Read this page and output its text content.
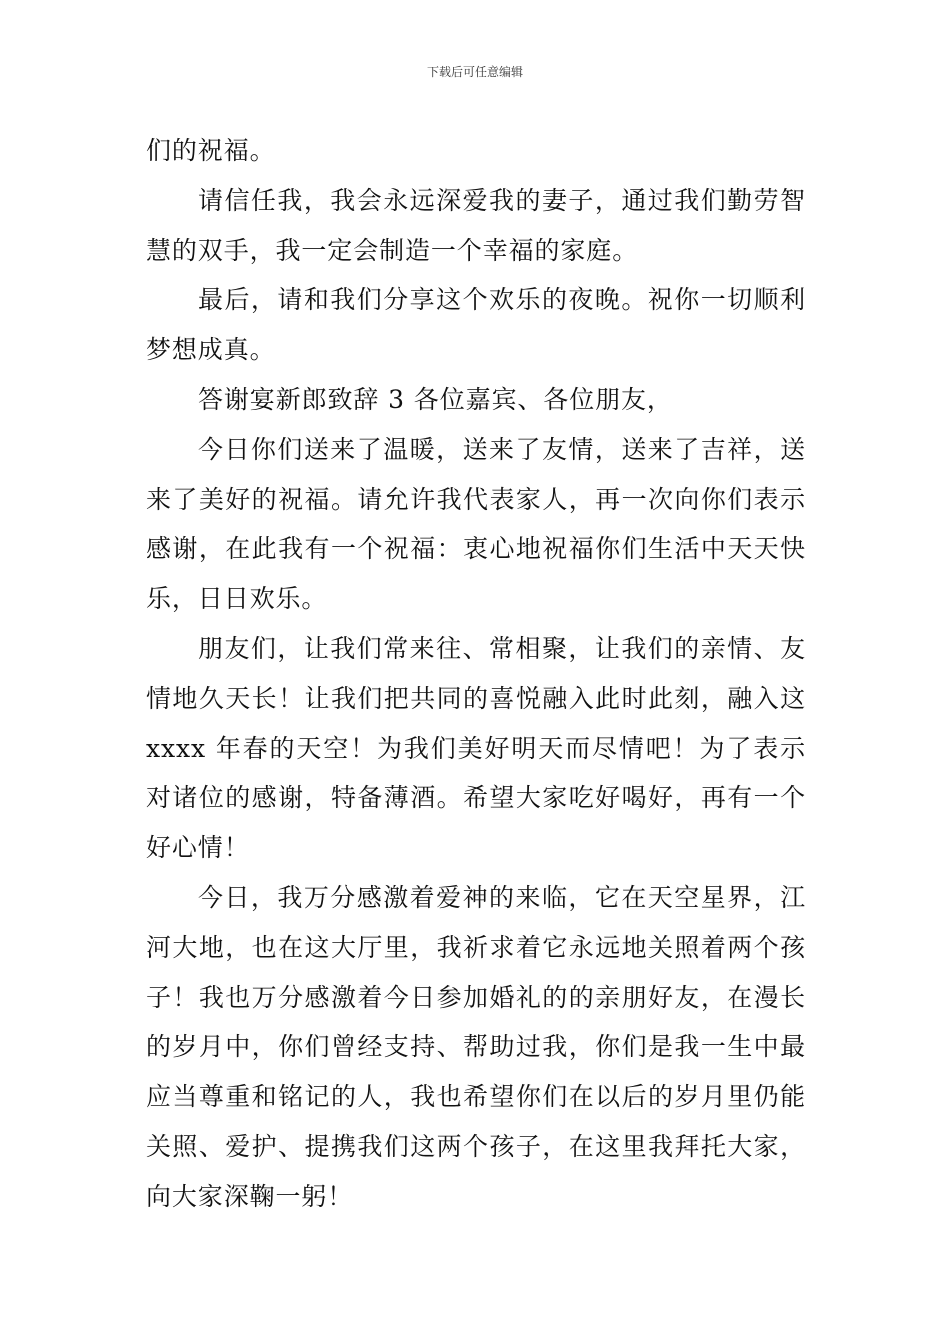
下载后可任意编辑

们的祝福。

请信任我，我会永远深爱我的妻子，通过我们勤劳智慧的双手，我一定会制造一个幸福的家庭。

最后，请和我们分享这个欢乐的夜晚。祝你一切顺利梦想成真。

答谢宴新郎致辞 3 各位嘉宾、各位朋友，

今日你们送来了温暖，送来了友情，送来了吉祥，送来了美好的祝福。请允许我代表家人，再一次向你们表示感谢，在此我有一个祝福：衷心地祝福你们生活中天天快乐，日日欢乐。

朋友们，让我们常来往、常相聚，让我们的亲情、友情地久天长！让我们把共同的喜悦融入此时此刻，融入这 xxxx 年春的天空！为我们美好明天而尽情吧！为了表示对诸位的感谢，特备薄酒。希望大家吃好喝好，再有一个好心情！

今日，我万分感激着爱神的来临，它在天空星界，江河大地，也在这大厅里，我祈求着它永远地关照着两个孩子！我也万分感激着今日参加婚礼的的亲朋好友，在漫长的岁月中，你们曾经支持、帮助过我，你们是我一生中最应当尊重和铭记的人，我也希望你们在以后的岁月里仍能关照、爱护、提携我们这两个孩子，在这里我拜托大家，向大家深鞠一躬！
